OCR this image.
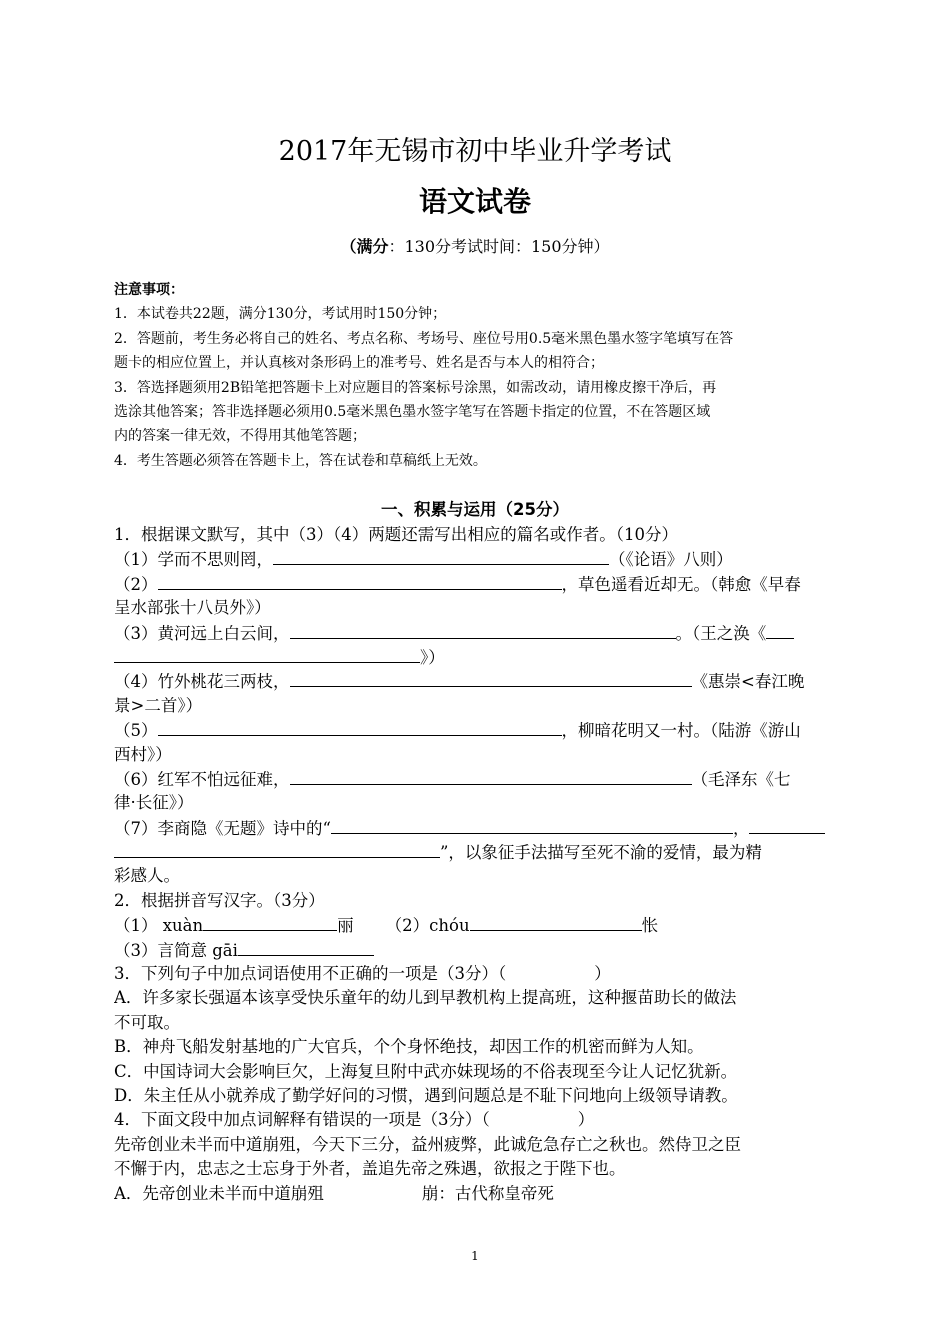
2017年无锡市初中毕业升学考试
语文试卷
（满分：130分考试时间：150分钟）
注意事项：
1．本试卷共22题，满分130分，考试用时150分钟；
2．答题前，考生务必将自己的姓名、考点名称、考场号、座位号用0.5毫米黑色墨水签字笔填写在答
题卡的相应位置上，并认真核对条形码上的准考号、姓名是否与本人的相符合；
3．答选择题须用2B铅笔把答题卡上对应题目的答案标号涂黑，如需改动，请用橡皮擦干净后，再
选涂其他答案；答非选择题必须用0.5毫米黑色墨水签字笔写在答题卡指定的位置，不在答题区域
内的答案一律无效，不得用其他笔答题；
4．考生答题必须答在答题卡上，答在试卷和草稿纸上无效。
一、积累与运用（25分）
1．根据课文默写，其中（3）（4）两题还需写出相应的篇名或作者。（10分）
（1）学而不思则罔，	（《论语》八则）
（2）	，草色遥看近却无。（韩愈《早春
呈水部张十八员外》）
（3）黄河远上白云间，	。（王之涣《
》）
（4）竹外桃花三两枝，	《惠崇<春江晚
景>二首》）
（5）	，柳暗花明又一村。（陆游《游山
西村》）
（6）红军不怕远征难，	（毛泽东《七
律·长征》）
（7）李商隐《无题》诗中的“	，
”，以象征手法描写至死不渝的爱情，最为精
彩感人。
2．根据拼音写汉字。（3分）
（1） xuàn	丽 （2）chóu	怅
（3）言简意 gāi
3．下列句子中加点词语使用不正确的一项是（3分）（	）
A．许多家长强逼本该享受快乐童年的幼儿到早教机构上提高班，这种揠苗助长的做法
不可取。
B．神舟飞船发射基地的广大官兵，个个身怀绝技，却因工作的机密而鲜为人知。
C．中国诗词大会影响巨欠，上海复旦附中武亦妹现场的不俗表现至今让人记忆犹新。
D．朱主任从小就养成了勤学好问的习惯，遇到问题总是不耻下问地向上级领导请教。
4．下面文段中加点词解释有错误的一项是（3分）（	）
先帝创业未半而中道崩殂，今天下三分，益州疲弊，此诚危急存亡之秋也。然侍卫之臣
不懈于内，忠志之士忘身于外者，盖追先帝之殊遇，欲报之于陛下也。
A．先帝创业未半而中道崩殂	崩：古代称皇帝死
1
